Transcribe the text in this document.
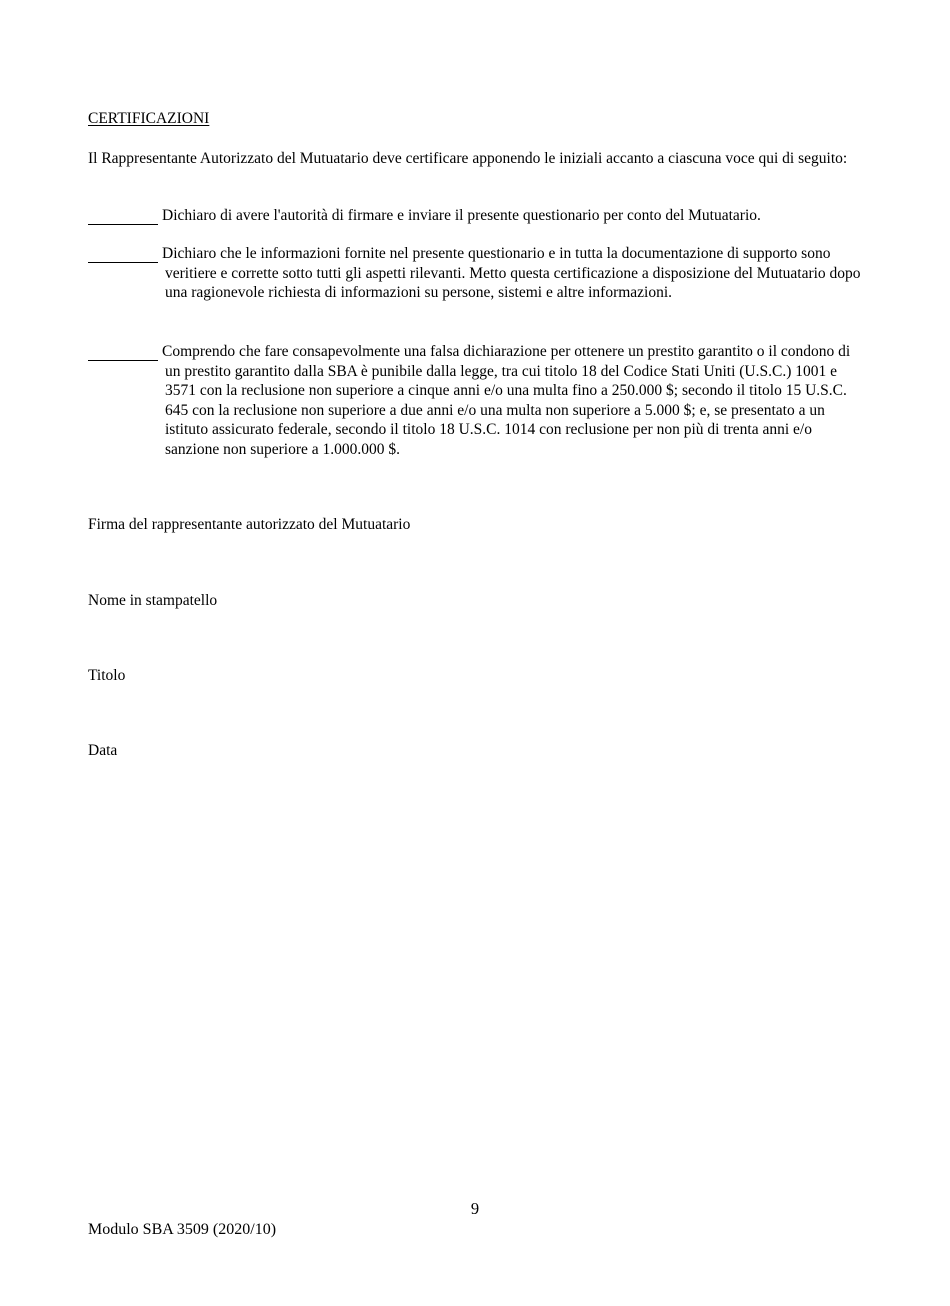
CERTIFICAZIONI

Il Rappresentante Autorizzato del Mutuatario deve certificare apponendo le iniziali accanto a ciascuna voce qui di seguito:

Dichiaro di avere l'autorità di firmare e inviare il presente questionario per conto del Mutuatario.

Dichiaro che le informazioni fornite nel presente questionario e in tutta la documentazione di supporto sono veritiere e corrette sotto tutti gli aspetti rilevanti. Metto questa certificazione a disposizione del Mutuatario dopo una ragionevole richiesta di informazioni su persone, sistemi e altre informazioni.

Comprendo che fare consapevolmente una falsa dichiarazione per ottenere un prestito garantito o il condono di un prestito garantito dalla SBA è punibile dalla legge, tra cui titolo 18 del Codice Stati Uniti (U.S.C.) 1001 e 3571 con la reclusione non superiore a cinque anni e/o una multa fino a 250.000 $; secondo il titolo 15 U.S.C. 645 con la reclusione non superiore a due anni e/o una multa non superiore a 5.000 $; e, se presentato a un istituto assicurato federale, secondo il titolo 18 U.S.C. 1014 con reclusione per non più di trenta anni e/o sanzione non superiore a 1.000.000 $.

Firma del rappresentante autorizzato del Mutuatario

Nome in stampatello

Titolo

Data

9
Modulo SBA 3509 (2020/10)
